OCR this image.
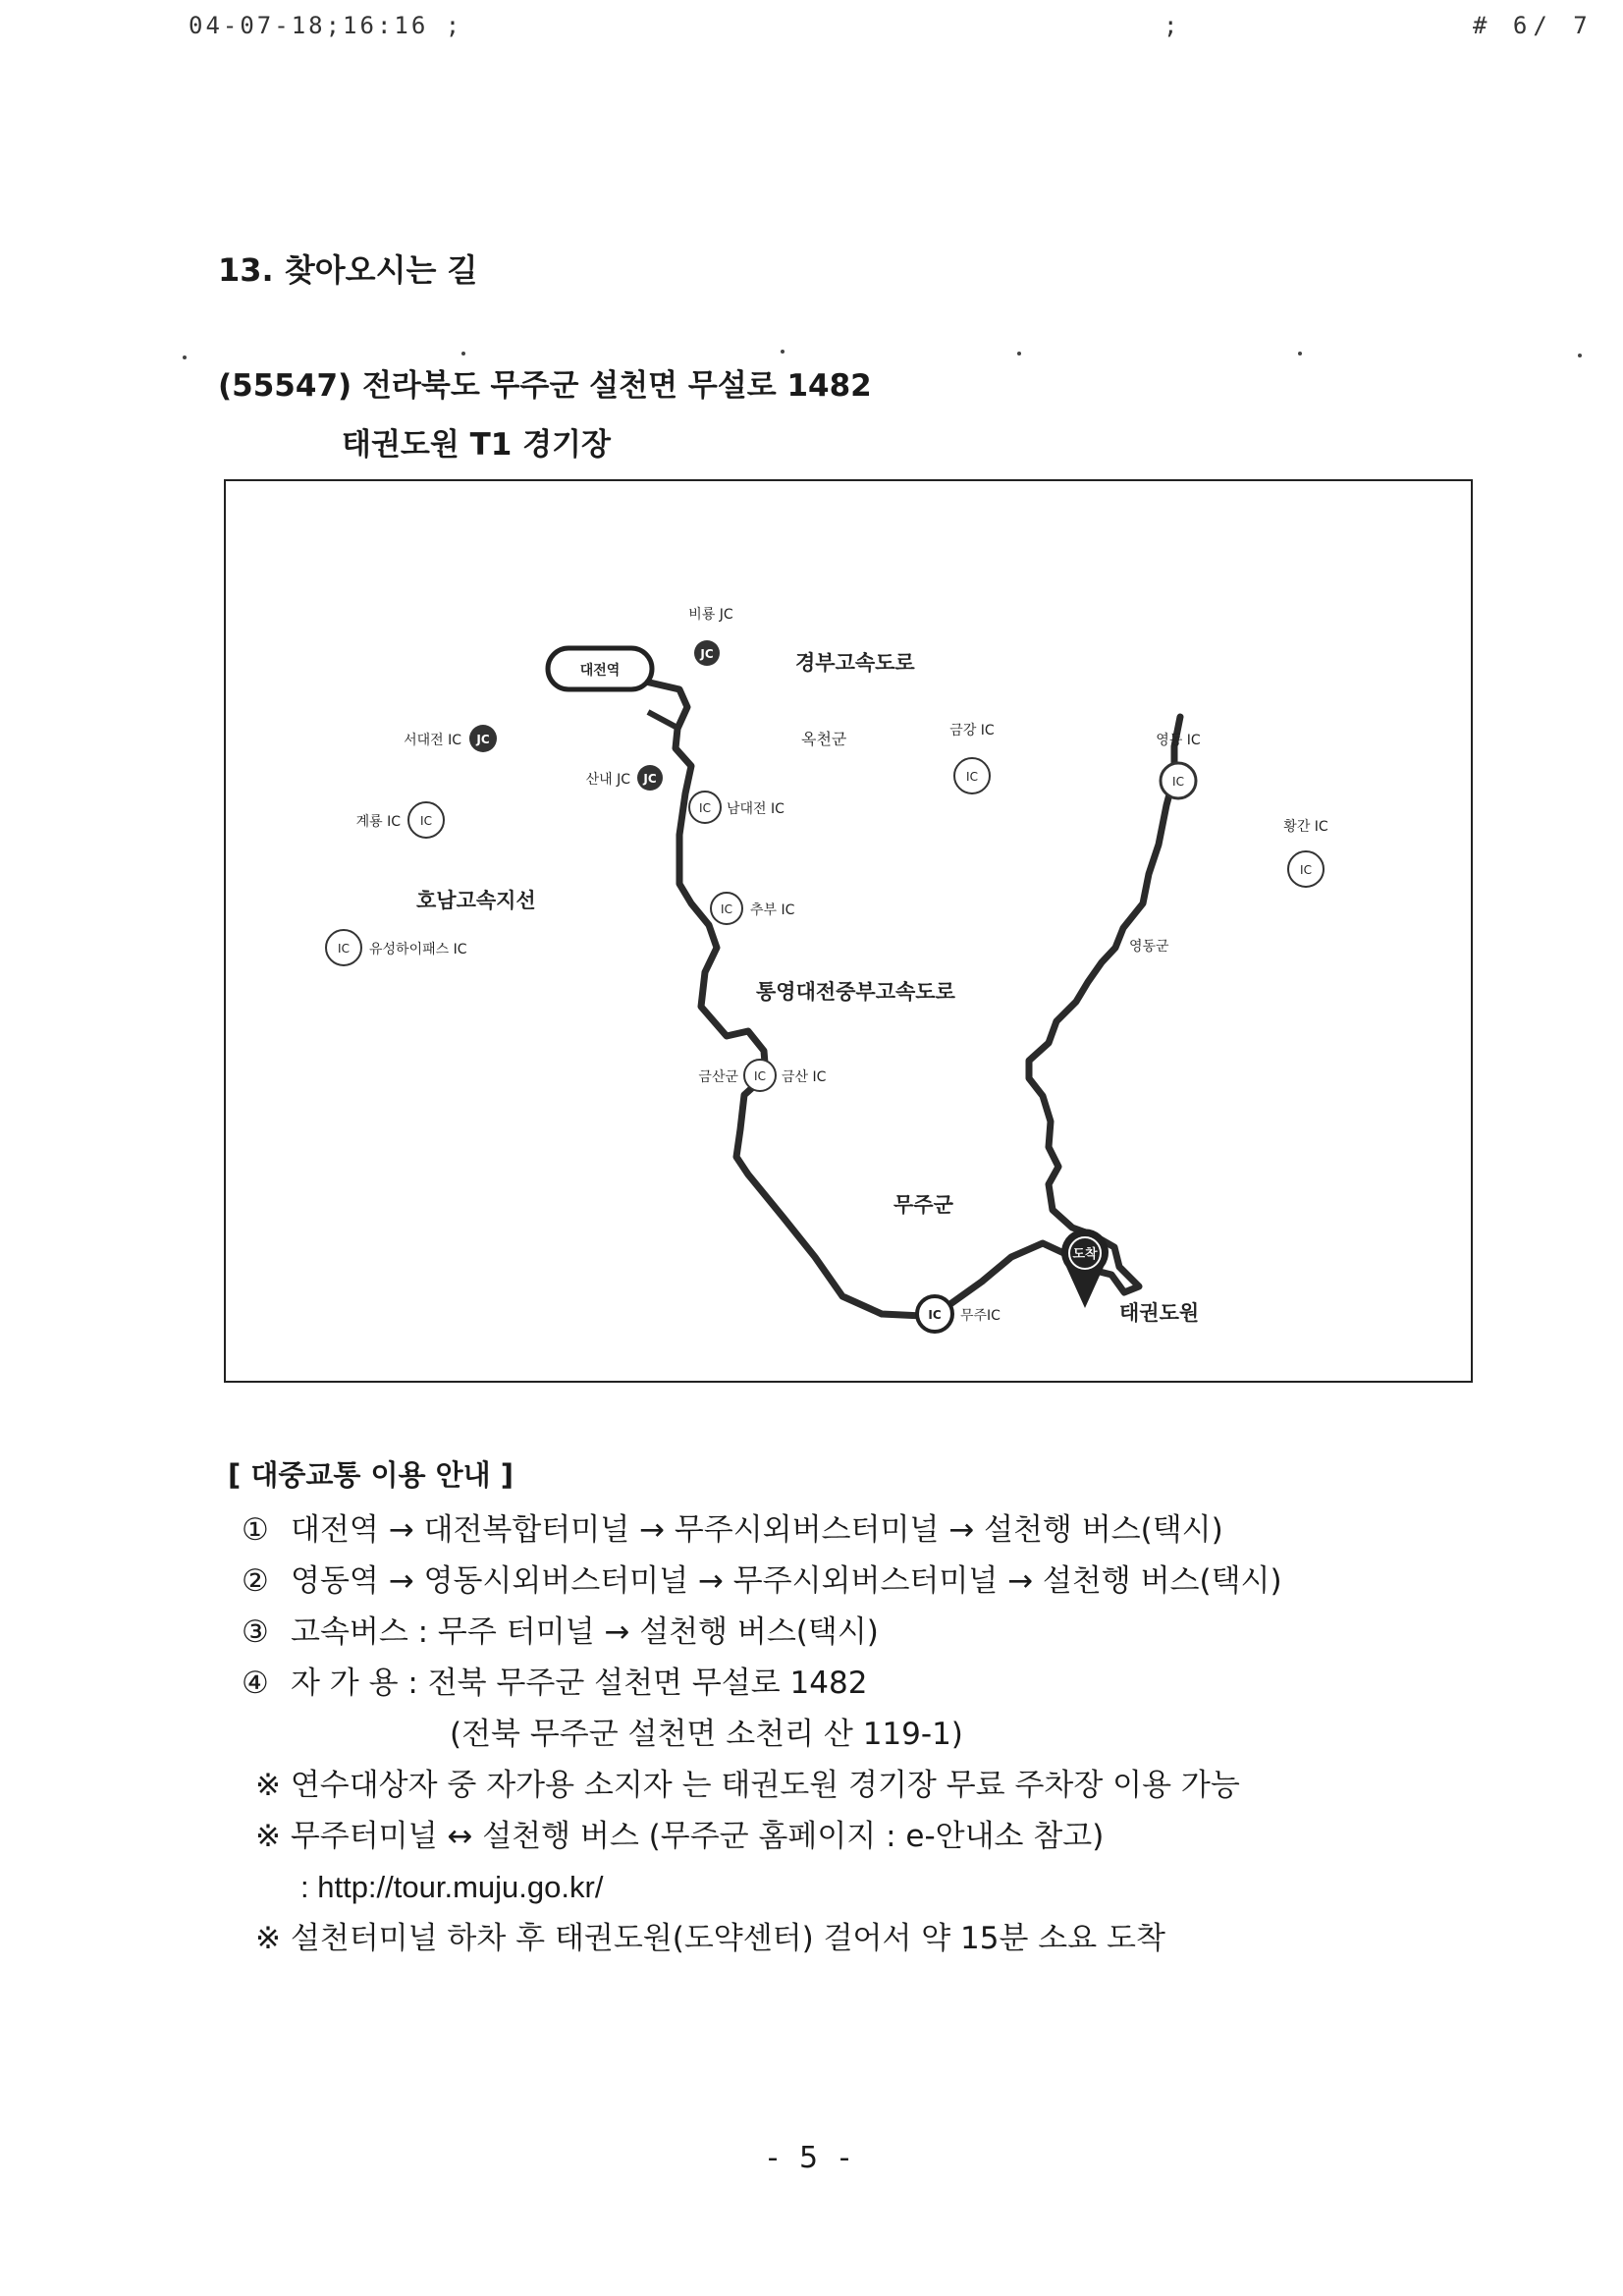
04-07-18;16:16 ;	;	# 6/ 7
13. 찾아오시는 길
(55547) 전라북도 무주군 설천면 무설로 1482
태권도원 T1 경기장
대전역
JC
비룡 JC
JC
서대전 IC
JC
산내 JC
IC 남대전 IC
IC
계룡 IC
IC
금강 IC
IC
영동 IC
IC
황간 IC
IC 유성하이패스 IC
IC 추부 IC
IC
금산군	금산 IC
IC 무주IC
도착
태권도원
경부고속도로
옥천군
호남고속지선
영동군
통영대전중부고속도로
무주군
[ 대중교통 이용 안내 ]
① 대전역 → 대전복합터미널 → 무주시외버스터미널 → 설천행 버스(택시)
② 영동역 → 영동시외버스터미널 → 무주시외버스터미널 → 설천행 버스(택시)
③ 고속버스 : 무주 터미널 → 설천행 버스(택시)
④ 자 가 용 : 전북 무주군 설천면 무설로 1482
(전북 무주군 설천면 소천리 산 119-1)
※ 연수대상자 중 자가용 소지자 는 태권도원 경기장 무료 주차장 이용 가능
※ 무주터미널 ↔ 설천행 버스 (무주군 홈페이지 : e-안내소 참고)
: http://tour.muju.go.kr/
※ 설천터미널 하차 후 태권도원(도약센터) 걸어서 약 15분 소요 도착
- 5 -
